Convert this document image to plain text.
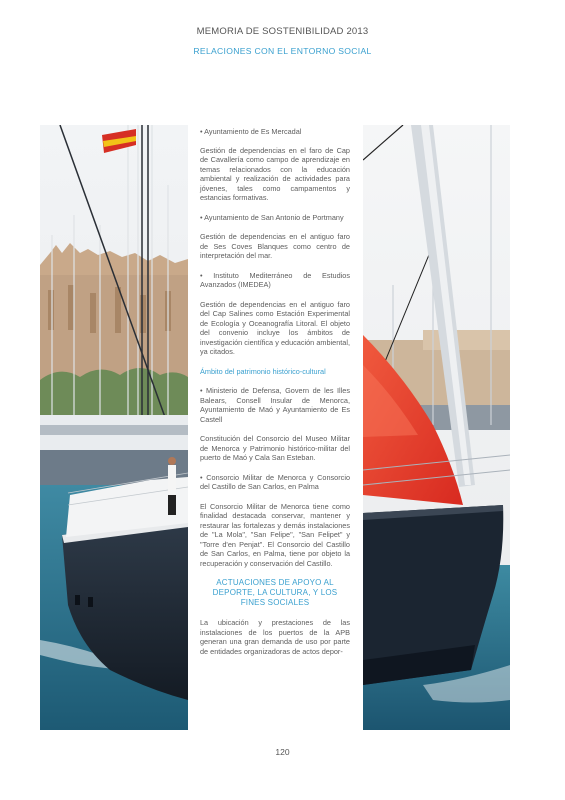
MEMORIA DE SOSTENIBILIDAD 2013
RELACIONES CON EL ENTORNO SOCIAL

• Ayuntamiento de Es Mercadal

Gestión de dependencias en el faro de Cap de Cavallería como campo de aprendizaje en temas relacionados con la educación ambiental y realización de actividades para jóvenes, tales como campamentos y estancias formativas.

• Ayuntamiento de San Antonio de Portmany

Gestión de dependencias en el antiguo faro de Ses Coves Blanques como centro de interpretación del mar.

• Instituto Mediterráneo de Estudios Avanzados (IMEDEA)

Gestión de dependencias en el antiguo faro del Cap Salines como Estación Experimental de Ecología y Oceanografía Litoral. El objeto del convenio incluye los ámbitos de investigación científica y educación ambiental, ya citados.

Ámbito del patrimonio histórico-cultural

• Ministerio de Defensa, Govern de les Illes Balears, Consell Insular de Menorca, Ayuntamiento de Maó y Ayuntamiento de Es Castell

Constitución del Consorcio del Museo Militar de Menorca y Patrimonio histórico-militar del puerto de Maó y Cala San Esteban.

• Consorcio Militar de Menorca y Consorcio del Castillo de San Carlos, en Palma

El Consorcio Militar de Menorca tiene como finalidad destacada conservar, mantener y restaurar las fortalezas y demás instalaciones de "La Mola", "San Felipe", "San Felipet" y "Torre d'en Penjat". El Consorcio del Castillo de San Carlos, en Palma, tiene por objeto la recuperación y conservación del Castillo.

ACTUACIONES DE APOYO AL DEPORTE, LA CULTURA, Y LOS FINES SOCIALES

La ubicación y prestaciones de las instalaciones de los puertos de la APB generan una gran demanda de uso por parte de entidades organizadoras de actos depor-

120
